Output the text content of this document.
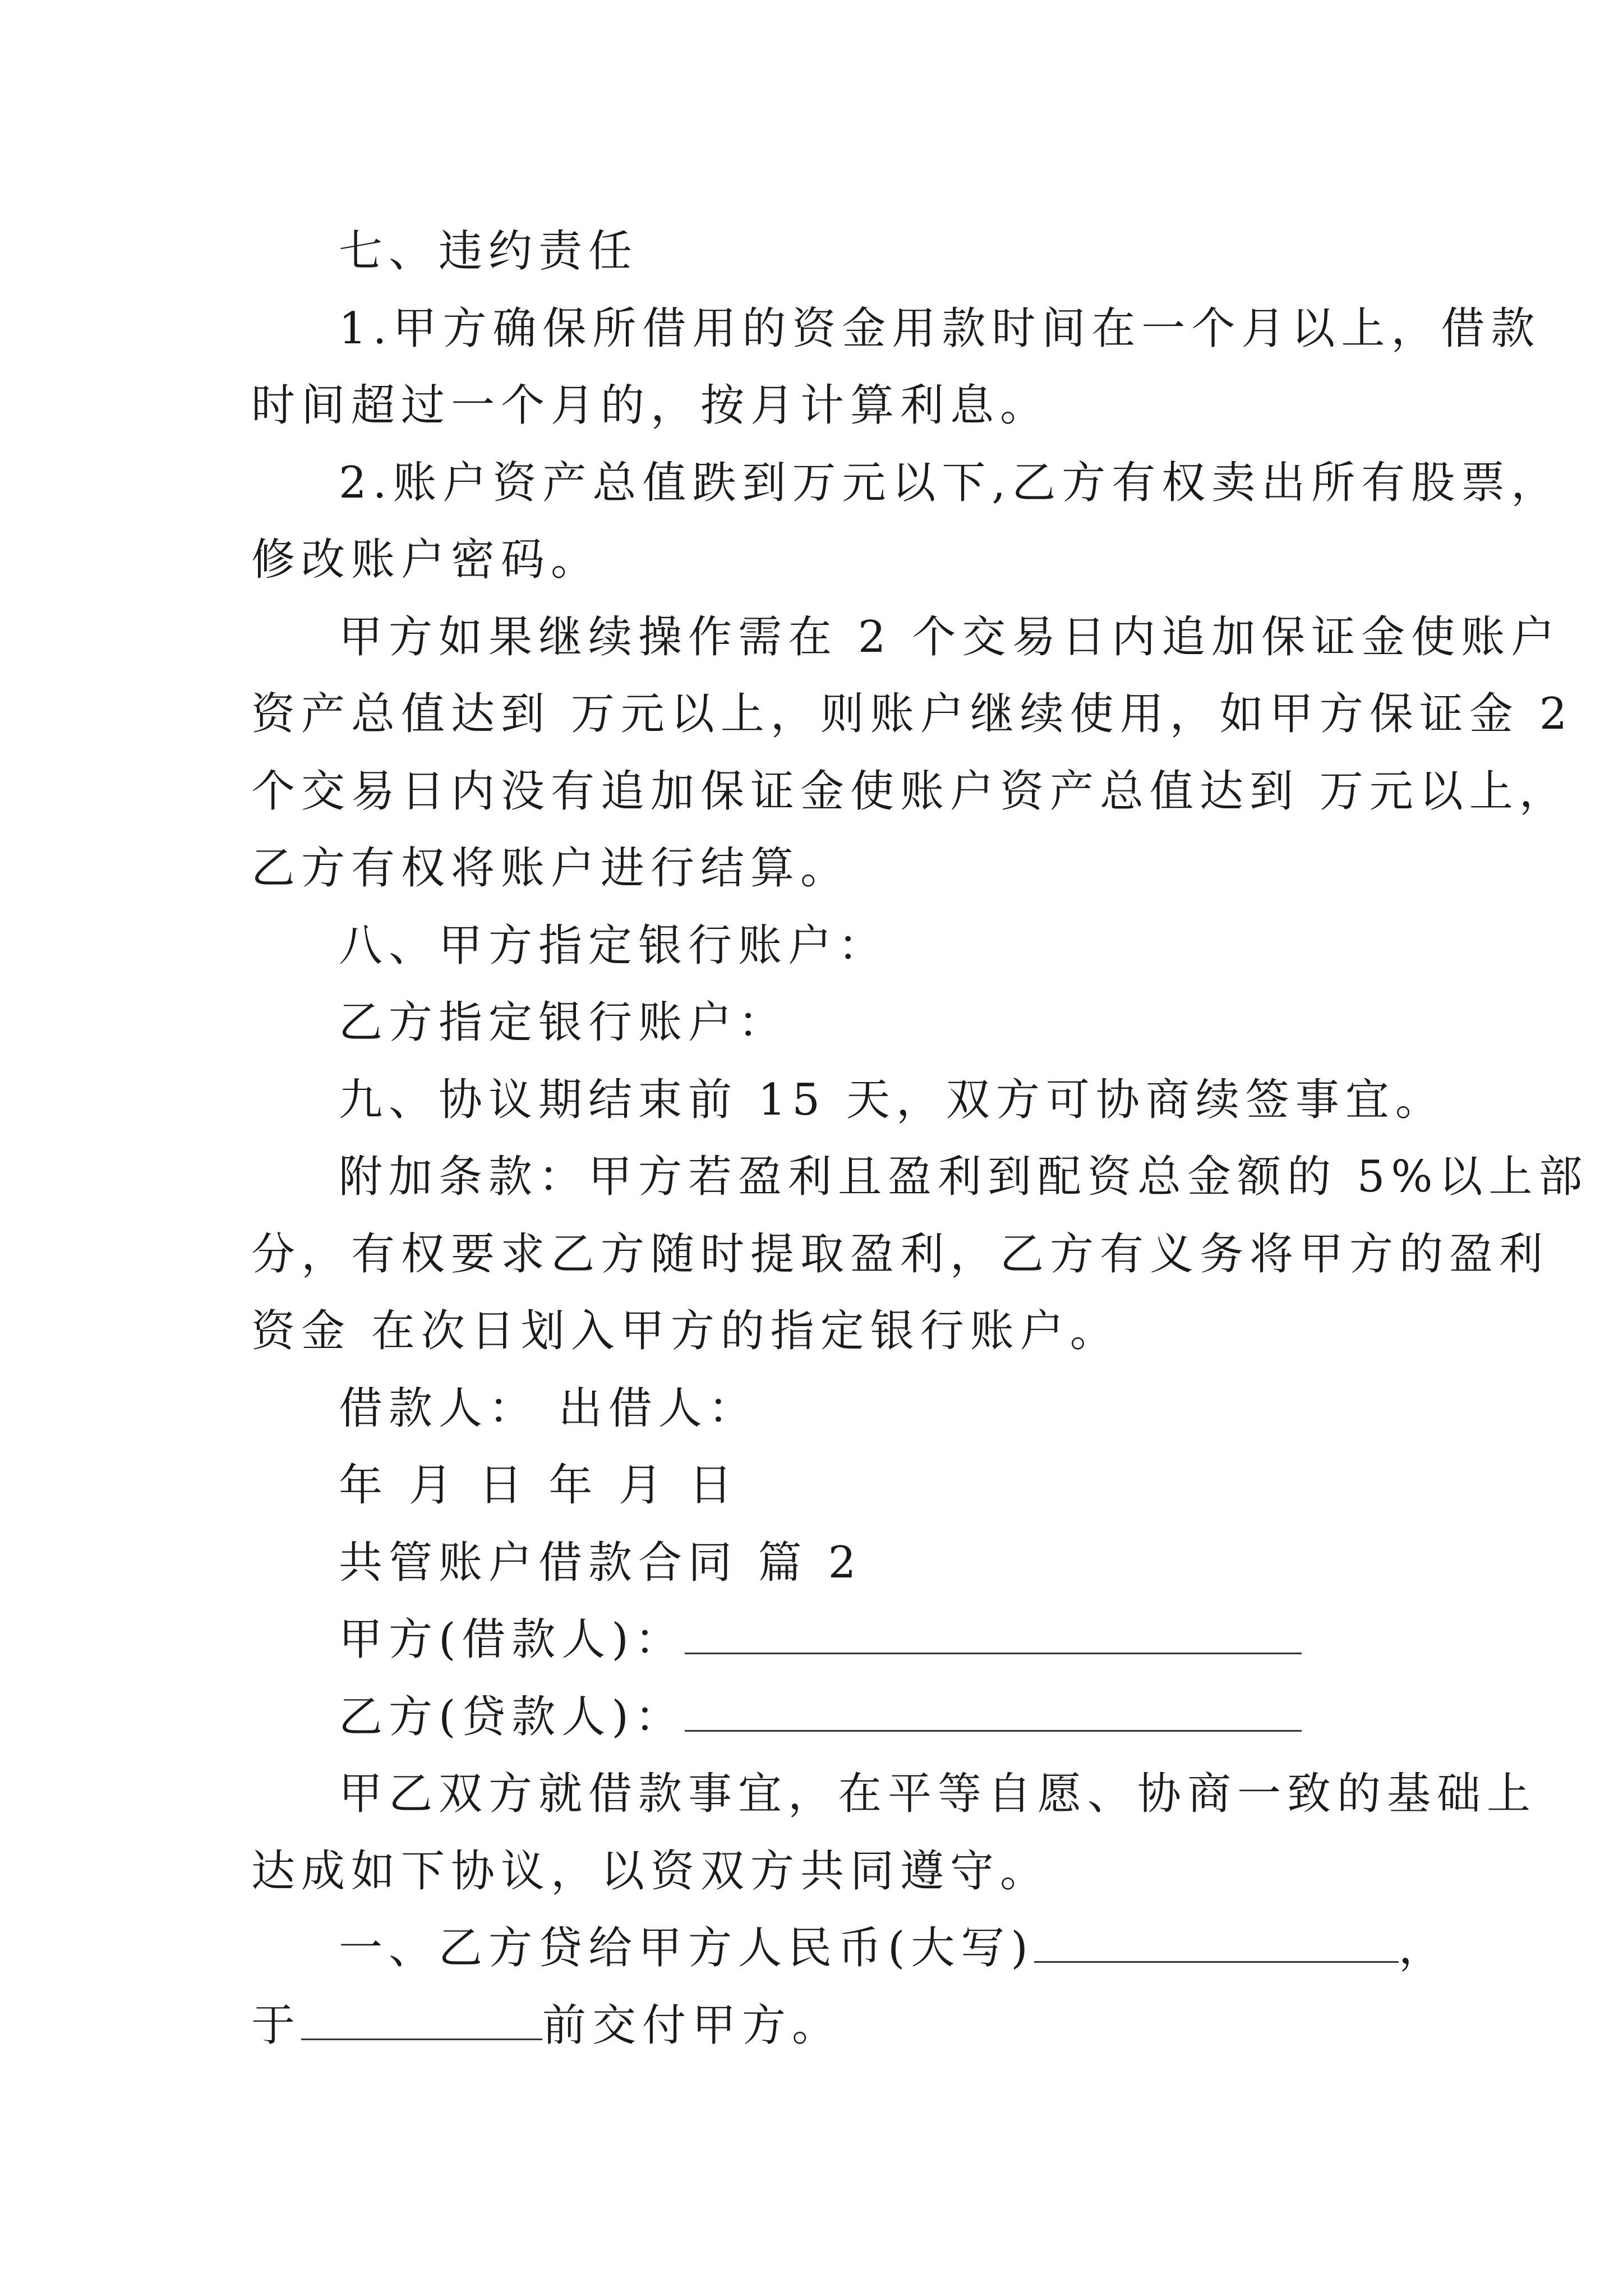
七、违约责任
1.甲方确保所借用的资金用款时间在一个月以上，借款
时间超过一个月的，按月计算利息。
2.账户资产总值跌到万元以下,乙方有权卖出所有股票，
修改账户密码。
甲方如果继续操作需在 2 个交易日内追加保证金使账户
资产总值达到 万元以上，则账户继续使用，如甲方保证金 2
个交易日内没有追加保证金使账户资产总值达到 万元以上，
乙方有权将账户进行结算。
八、甲方指定银行账户：
乙方指定银行账户：
九、协议期结束前 15 天，双方可协商续签事宜。
附加条款：甲方若盈利且盈利到配资总金额的 5%以上部
分，有权要求乙方随时提取盈利，乙方有义务将甲方的盈利
资金 在次日划入甲方的指定银行账户。
借款人： 出借人：
年 月 日 年 月 日
共管账户借款合同 篇 2
甲方(借款人)：
乙方(贷款人)：
甲乙双方就借款事宜，在平等自愿、协商一致的基础上
达成如下协议，以资双方共同遵守。
一、乙方贷给甲方人民币(大写)	，
于	前交付甲方。
